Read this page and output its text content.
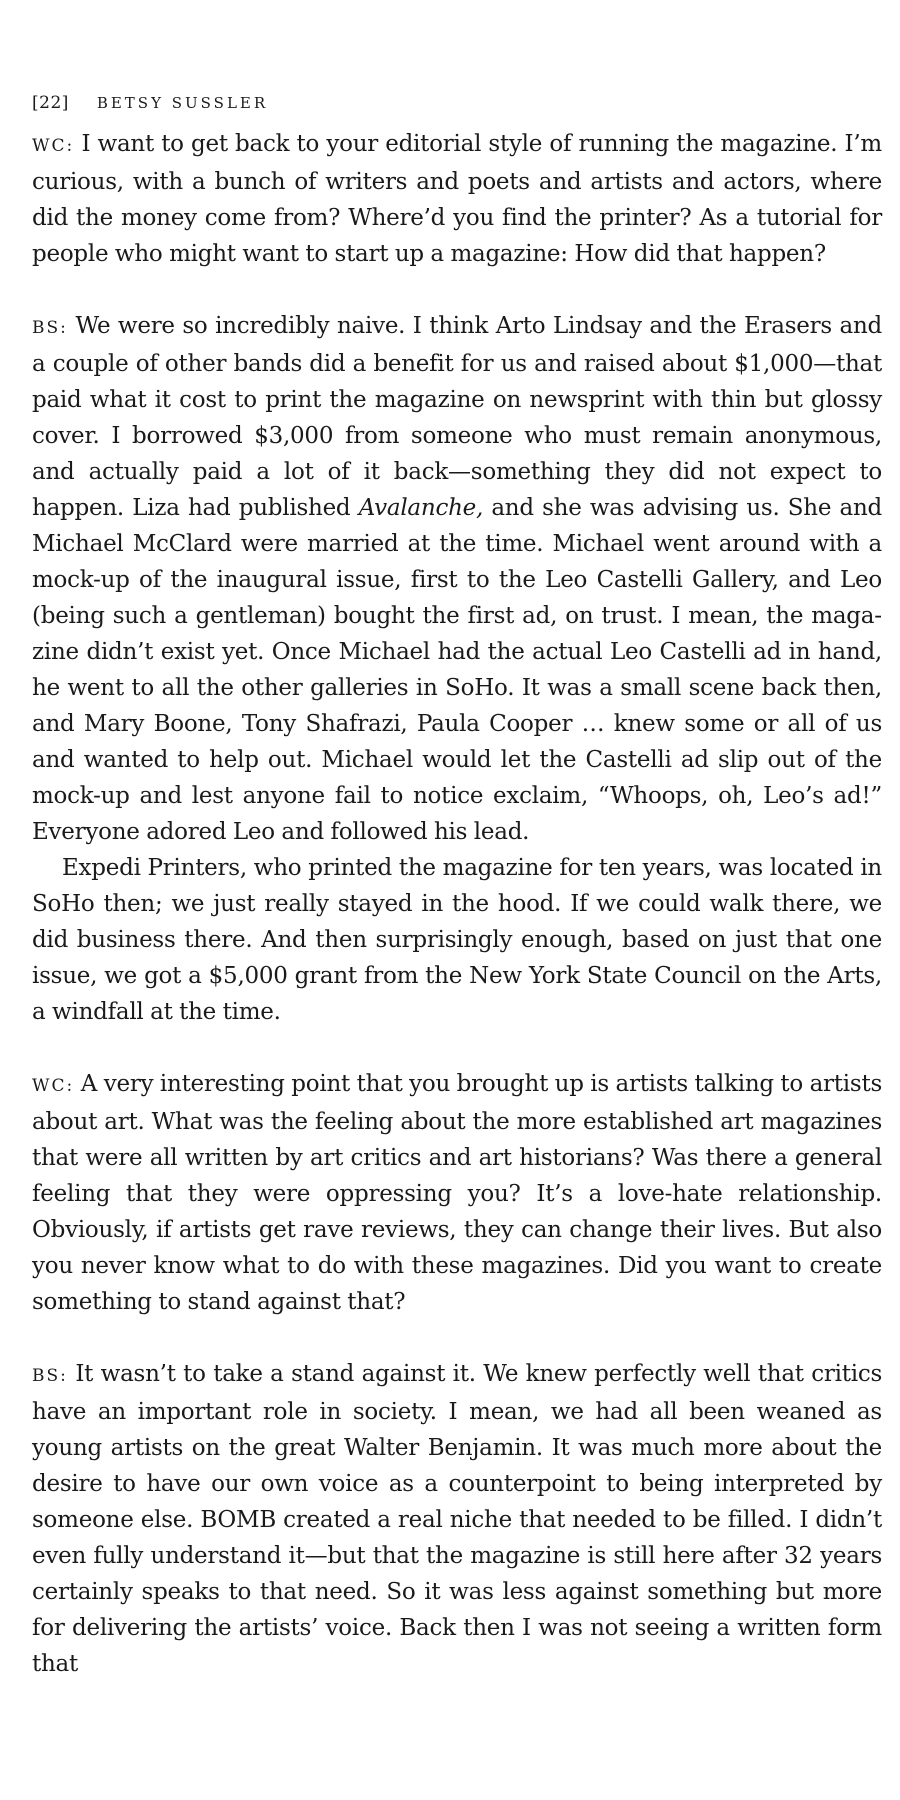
[22] BETSY SUSSLER

WC: I want to get back to your editorial style of running the magazine. I’m curious, with a bunch of writers and poets and artists and actors, where did the money come from? Where’d you find the printer? As a tutorial for people who might want to start up a magazine: How did that happen?

BS: We were so incredibly naive. I think Arto Lindsay and the Erasers and a couple of other bands did a benefit for us and raised about $1,000—that paid what it cost to print the magazine on newsprint with thin but glossy cover. I borrowed $3,000 from someone who must remain anonymous, and actually paid a lot of it back—something they did not expect to happen. Liza had published Avalanche, and she was advising us. She and Michael McClard were married at the time. Michael went around with a mock-up of the inaugural issue, first to the Leo Castelli Gallery, and Leo (being such a gentleman) bought the first ad, on trust. I mean, the magazine didn’t exist yet. Once Michael had the actual Leo Castelli ad in hand, he went to all the other galleries in SoHo. It was a small scene back then, and Mary Boone, Tony Shafrazi, Paula Cooper … knew some or all of us and wanted to help out. Michael would let the Castelli ad slip out of the mock-up and lest anyone fail to notice exclaim, “Whoops, oh, Leo’s ad!” Everyone adored Leo and followed his lead.

Expedi Printers, who printed the magazine for ten years, was located in SoHo then; we just really stayed in the hood. If we could walk there, we did business there. And then surprisingly enough, based on just that one issue, we got a $5,000 grant from the New York State Council on the Arts, a windfall at the time.

WC: A very interesting point that you brought up is artists talking to artists about art. What was the feeling about the more established art magazines that were all written by art critics and art historians? Was there a general feeling that they were oppressing you? It’s a love-hate relationship. Obviously, if artists get rave reviews, they can change their lives. But also you never know what to do with these magazines. Did you want to create something to stand against that?

BS: It wasn’t to take a stand against it. We knew perfectly well that critics have an important role in society. I mean, we had all been weaned as young artists on the great Walter Benjamin. It was much more about the desire to have our own voice as a counterpoint to being interpreted by someone else. BOMB created a real niche that needed to be filled. I didn’t even fully understand it—but that the magazine is still here after 32 years certainly speaks to that need. So it was less against something but more for delivering the artists’ voice. Back then I was not seeing a written form that
